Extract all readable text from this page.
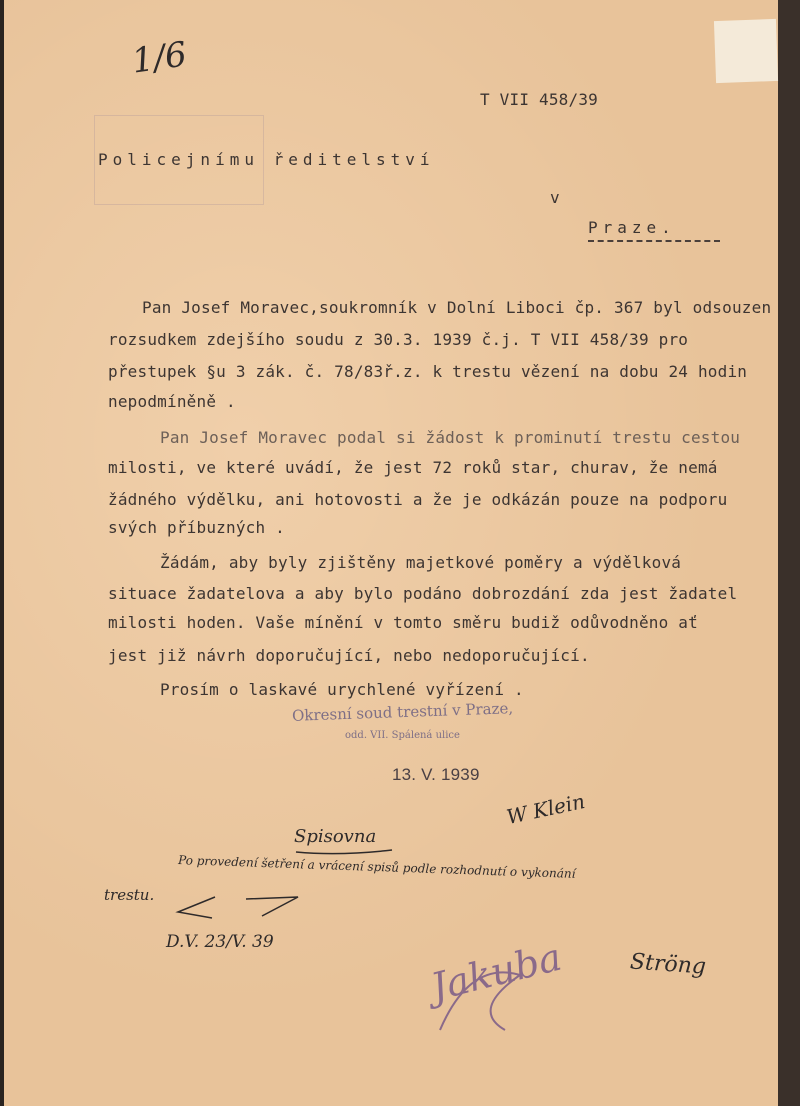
1/6
T VII 458/39
Policejnímu ředitelství
v
Praze.
Pan Josef Moravec,soukromník v Dolní Liboci čp. 367 byl odsouzen
rozsudkem zdejšího soudu z 30.3. 1939 č.j. T VII 458/39 pro
přestupek §u 3 zák. č. 78/83ř.z. k trestu vězení na dobu 24 hodin
nepodmíněně .
Pan Josef Moravec podal si žádost k prominutí trestu cestou
milosti, ve které uvádí, že jest 72 roků star, churav, že nemá
žádného výdělku, ani hotovosti a že je odkázán pouze na podporu
svých příbuzných .
Žádám, aby byly zjištěny majetkové poměry a výdělková
situace žadatelova a aby bylo podáno dobrozdání zda jest žadatel
milosti hoden. Vaše mínění v tomto směru budiž odůvodněno ať
jest již návrh doporučující, nebo nedoporučující.
Prosím o laskavé urychlené vyřízení .
Okresní soud trestní v Praze,
odd. VII. Spálená ulice
13. V. 1939
W Klein
Spisovna
Po provedení šetření a vrácení spisů podle rozhodnutí o vykonání
trestu.
D.V. 23/V. 39	Jakuba	Ströng
